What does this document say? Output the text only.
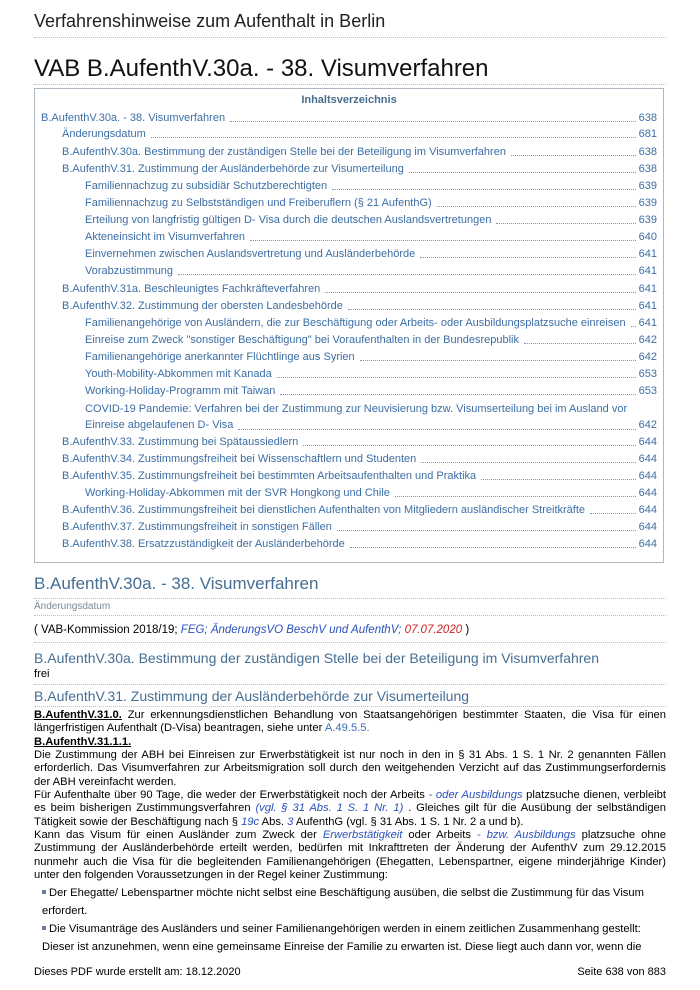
Verfahrenshinweise zum Aufenthalt in Berlin
VAB B.AufenthV.30a. - 38. Visumverfahren
Inhaltsverzeichnis
B.AufenthV.30a. - 38. Visumverfahren	638
Änderungsdatum	681
B.AufenthV.30a. Bestimmung der zuständigen Stelle bei der Beteiligung im Visumverfahren	638
B.AufenthV.31. Zustimmung der Ausländerbehörde zur Visumerteilung	638
Familiennachzug zu subsidiär Schutzberechtigten	639
Familiennachzug zu Selbstständigen und Freiberuflern (§ 21 AufenthG)	639
Erteilung von langfristig gültigen D- Visa durch die deutschen Auslandsvertretungen	639
Akteneinsicht im Visumverfahren	640
Einvernehmen zwischen Auslandsvertretung und Ausländerbehörde	641
Vorabzustimmung	641
B.AufenthV.31a. Beschleunigtes Fachkräfteverfahren	641
B.AufenthV.32. Zustimmung der obersten Landesbehörde	641
Familienangehörige von Ausländern, die zur Beschäftigung oder Arbeits- oder Ausbildungsplatzsuche einreisen 641
Einreise zum Zweck "sonstiger Beschäftigung" bei Voraufenthalten in der Bundesrepublik	642
Familienangehörige anerkannter Flüchtlinge aus Syrien	642
Youth-Mobility-Abkommen mit Kanada	653
Working-Holiday-Programm mit Taiwan	653
COVID-19 Pandemie: Verfahren bei der Zustimmung zur Neuvisierung bzw. Visumserteilung bei im Ausland vor
Einreise abgelaufenen D- Visa	642
B.AufenthV.33. Zustimmung bei Spätaussiedlern	644
B.AufenthV.34. Zustimmungsfreiheit bei Wissenschaftlern und Studenten	644
B.AufenthV.35. Zustimmungsfreiheit bei bestimmten Arbeitsaufenthalten und Praktika	644
Working-Holiday-Abkommen mit der SVR Hongkong und Chile	644
B.AufenthV.36. Zustimmungsfreiheit bei dienstlichen Aufenthalten von Mitgliedern ausländischer Streitkräfte	644
B.AufenthV.37. Zustimmungsfreiheit in sonstigen Fällen	644
B.AufenthV.38. Ersatzzuständigkeit der Ausländerbehörde	644
B.AufenthV.30a. - 38. Visumverfahren
Änderungsdatum
( VAB-Kommission 2018/19; FEG; ÄnderungsVO BeschV und AufenthV; 07.07.2020 )
B.AufenthV.30a. Bestimmung der zuständigen Stelle bei der Beteiligung im Visumverfahren
frei
B.AufenthV.31. Zustimmung der Ausländerbehörde zur Visumerteilung
B.AufenthV.31.0. Zur erkennungsdienstlichen Behandlung von Staatsangehörigen bestimmter Staaten, die Visa für einen längerfristigen Aufenthalt (D-Visa) beantragen, siehe unter A.49.5.5.
B.AufenthV.31.1.1.
Die Zustimmung der ABH bei Einreisen zur Erwerbstätigkeit ist nur noch in den in § 31 Abs. 1 S. 1 Nr. 2 genannten Fällen erforderlich. Das Visumverfahren zur Arbeitsmigration soll durch den weitgehenden Verzicht auf das Zustimmungserfordernis der ABH vereinfacht werden.
Für Aufenthalte über 90 Tage, die weder der Erwerbstätigkeit noch der Arbeits - oder Ausbildungs platzsuche dienen, verbleibt es beim bisherigen Zustimmungsverfahren (vgl. § 31 Abs. 1 S. 1 Nr. 1) . Gleiches gilt für die Ausübung der selbständigen Tätigkeit sowie der Beschäftigung nach § 19c Abs. 3 AufenthG (vgl. § 31 Abs. 1 S. 1 Nr. 2 a und b).
Kann das Visum für einen Ausländer zum Zweck der Erwerbstätigkeit oder Arbeits - bzw. Ausbildungs platzsuche ohne Zustimmung der Ausländerbehörde erteilt werden, bedürfen mit Inkrafttreten der Änderung der AufenthV zum 29.12.2015 nunmehr auch die Visa für die begleitenden Familienangehörigen (Ehegatten, Lebenspartner, eigene minderjährige Kinder) unter den folgenden Voraussetzungen in der Regel keiner Zustimmung:
Der Ehegatte/ Lebenspartner möchte nicht selbst eine Beschäftigung ausüben, die selbst die Zustimmung für das Visum erfordert.
Die Visumanträge des Ausländers und seiner Familienangehörigen werden in einem zeitlichen Zusammenhang gestellt: Dieser ist anzunehmen, wenn eine gemeinsame Einreise der Familie zu erwarten ist. Diese liegt auch dann vor, wenn die
Dieses PDF wurde erstellt am: 18.12.2020	Seite 638 von 883
